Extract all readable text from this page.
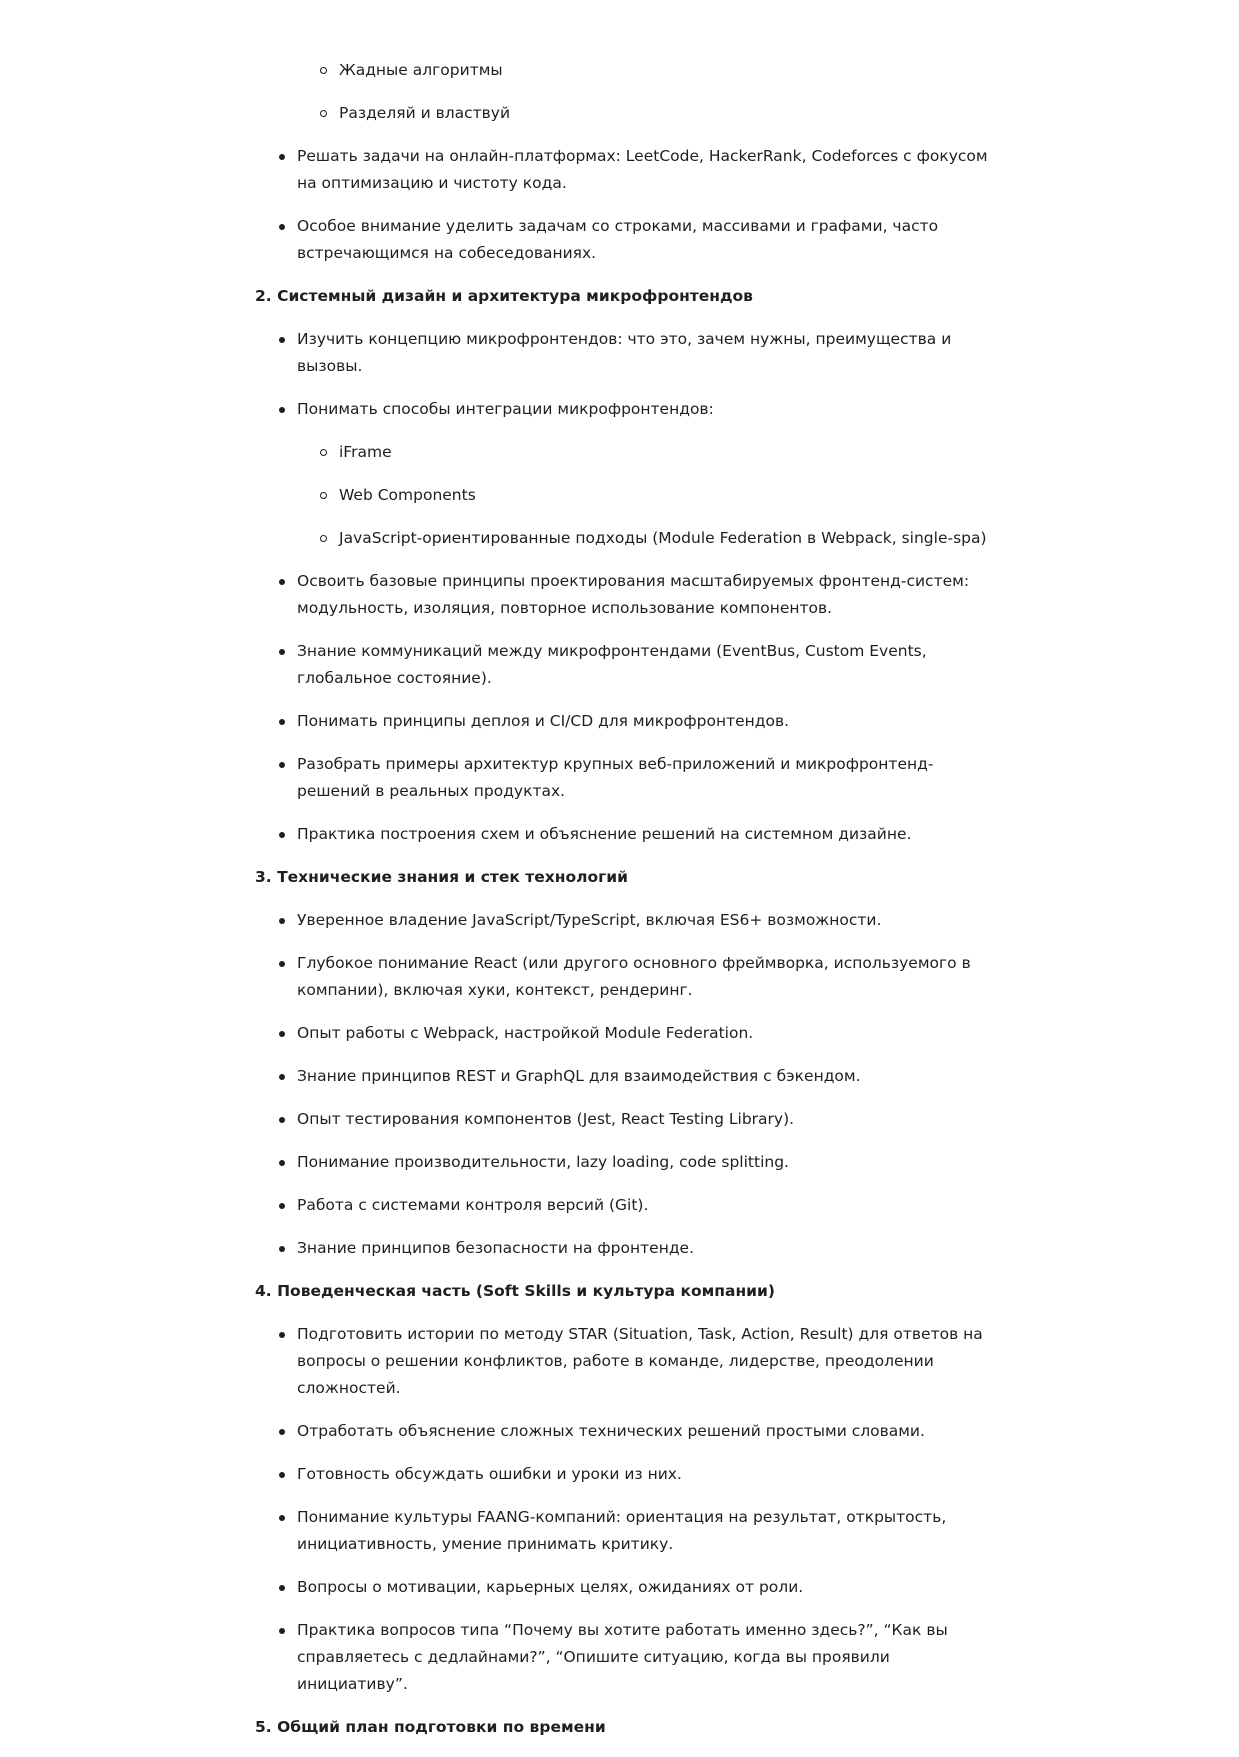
Жадные алгоритмы
Разделяй и властвуй
Решать задачи на онлайн-платформах: LeetCode, HackerRank, Codeforces с фокусом на оптимизацию и чистоту кода.
Особое внимание уделить задачам со строками, массивами и графами, часто встречающимся на собеседованиях.
2. Системный дизайн и архитектура микрофронтендов
Изучить концепцию микрофронтендов: что это, зачем нужны, преимущества и вызовы.
Понимать способы интеграции микрофронтендов:
iFrame
Web Components
JavaScript-ориентированные подходы (Module Federation в Webpack, single-spa)
Освоить базовые принципы проектирования масштабируемых фронтенд-систем: модульность, изоляция, повторное использование компонентов.
Знание коммуникаций между микрофронтендами (EventBus, Custom Events, глобальное состояние).
Понимать принципы деплоя и CI/CD для микрофронтендов.
Разобрать примеры архитектур крупных веб-приложений и микрофронтенд-решений в реальных продуктах.
Практика построения схем и объяснение решений на системном дизайне.
3. Технические знания и стек технологий
Уверенное владение JavaScript/TypeScript, включая ES6+ возможности.
Глубокое понимание React (или другого основного фреймворка, используемого в компании), включая хуки, контекст, рендеринг.
Опыт работы с Webpack, настройкой Module Federation.
Знание принципов REST и GraphQL для взаимодействия с бэкендом.
Опыт тестирования компонентов (Jest, React Testing Library).
Понимание производительности, lazy loading, code splitting.
Работа с системами контроля версий (Git).
Знание принципов безопасности на фронтенде.
4. Поведенческая часть (Soft Skills и культура компании)
Подготовить истории по методу STAR (Situation, Task, Action, Result) для ответов на вопросы о решении конфликтов, работе в команде, лидерстве, преодолении сложностей.
Отработать объяснение сложных технических решений простыми словами.
Готовность обсуждать ошибки и уроки из них.
Понимание культуры FAANG-компаний: ориентация на результат, открытость, инициативность, умение принимать критику.
Вопросы о мотивации, карьерных целях, ожиданиях от роли.
Практика вопросов типа “Почему вы хотите работать именно здесь?”, “Как вы справляетесь с дедлайнами?”, “Опишите ситуацию, когда вы проявили инициативу”.
5. Общий план подготовки по времени
